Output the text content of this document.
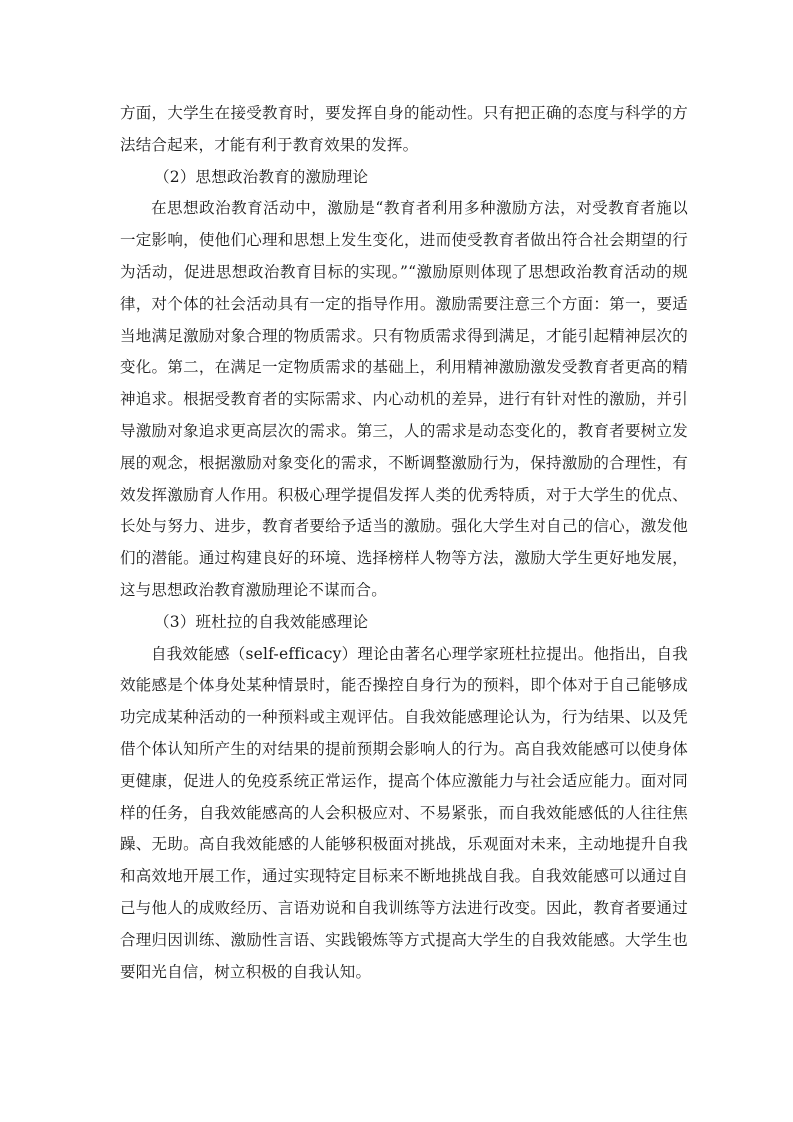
方面，大学生在接受教育时，要发挥自身的能动性。只有把正确的态度与科学的方法结合起来，才能有利于教育效果的发挥。

（2）思想政治教育的激励理论

在思想政治教育活动中，激励是“教育者利用多种激励方法，对受教育者施以一定影响，使他们心理和思想上发生变化，进而使受教育者做出符合社会期望的行为活动，促进思想政治教育目标的实现。”“激励原则体现了思想政治教育活动的规律，对个体的社会活动具有一定的指导作用。激励需要注意三个方面：第一，要适当地满足激励对象合理的物质需求。只有物质需求得到满足，才能引起精神层次的变化。第二，在满足一定物质需求的基础上，利用精神激励激发受教育者更高的精神追求。根据受教育者的实际需求、内心动机的差异，进行有针对性的激励，并引导激励对象追求更高层次的需求。第三，人的需求是动态变化的，教育者要树立发展的观念，根据激励对象变化的需求，不断调整激励行为，保持激励的合理性，有效发挥激励育人作用。积极心理学提倡发挥人类的优秀特质，对于大学生的优点、长处与努力、进步，教育者要给予适当的激励。强化大学生对自己的信心，激发他们的潜能。通过构建良好的环境、选择榜样人物等方法，激励大学生更好地发展，这与思想政治教育激励理论不谋而合。

（3）班杜拉的自我效能感理论

自我效能感（self-efficacy）理论由著名心理学家班杜拉提出。他指出，自我效能感是个体身处某种情景时，能否操控自身行为的预料，即个体对于自己能够成功完成某种活动的一种预料或主观评估。自我效能感理论认为，行为结果、以及凭借个体认知所产生的对结果的提前预期会影响人的行为。高自我效能感可以使身体更健康，促进人的免疫系统正常运作，提高个体应激能力与社会适应能力。面对同样的任务，自我效能感高的人会积极应对、不易紧张，而自我效能感低的人往往焦躁、无助。高自我效能感的人能够积极面对挑战，乐观面对未来，主动地提升自我和高效地开展工作，通过实现特定目标来不断地挑战自我。自我效能感可以通过自己与他人的成败经历、言语劝说和自我训练等方法进行改变。因此，教育者要通过合理归因训练、激励性言语、实践锻炼等方式提高大学生的自我效能感。大学生也要阳光自信，树立积极的自我认知。
